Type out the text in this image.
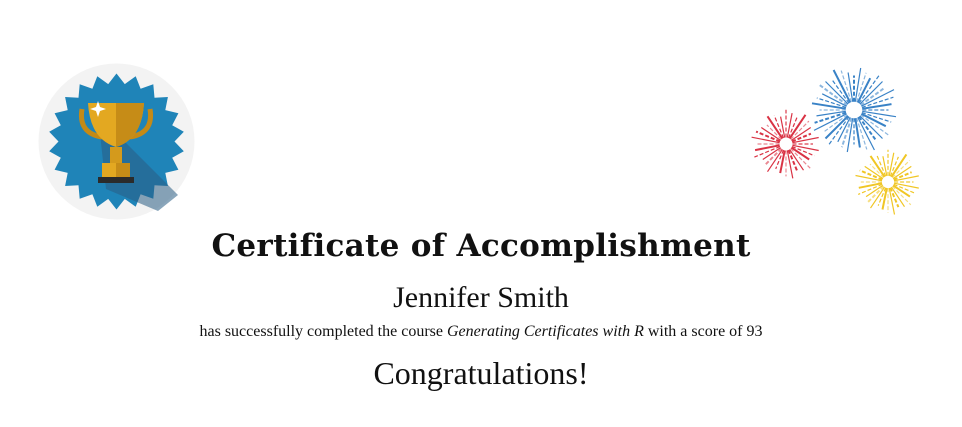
Certificate of Accomplishment
Jennifer Smith
has successfully completed the course Generating Certificates with R with a score of 93
Congratulations!
